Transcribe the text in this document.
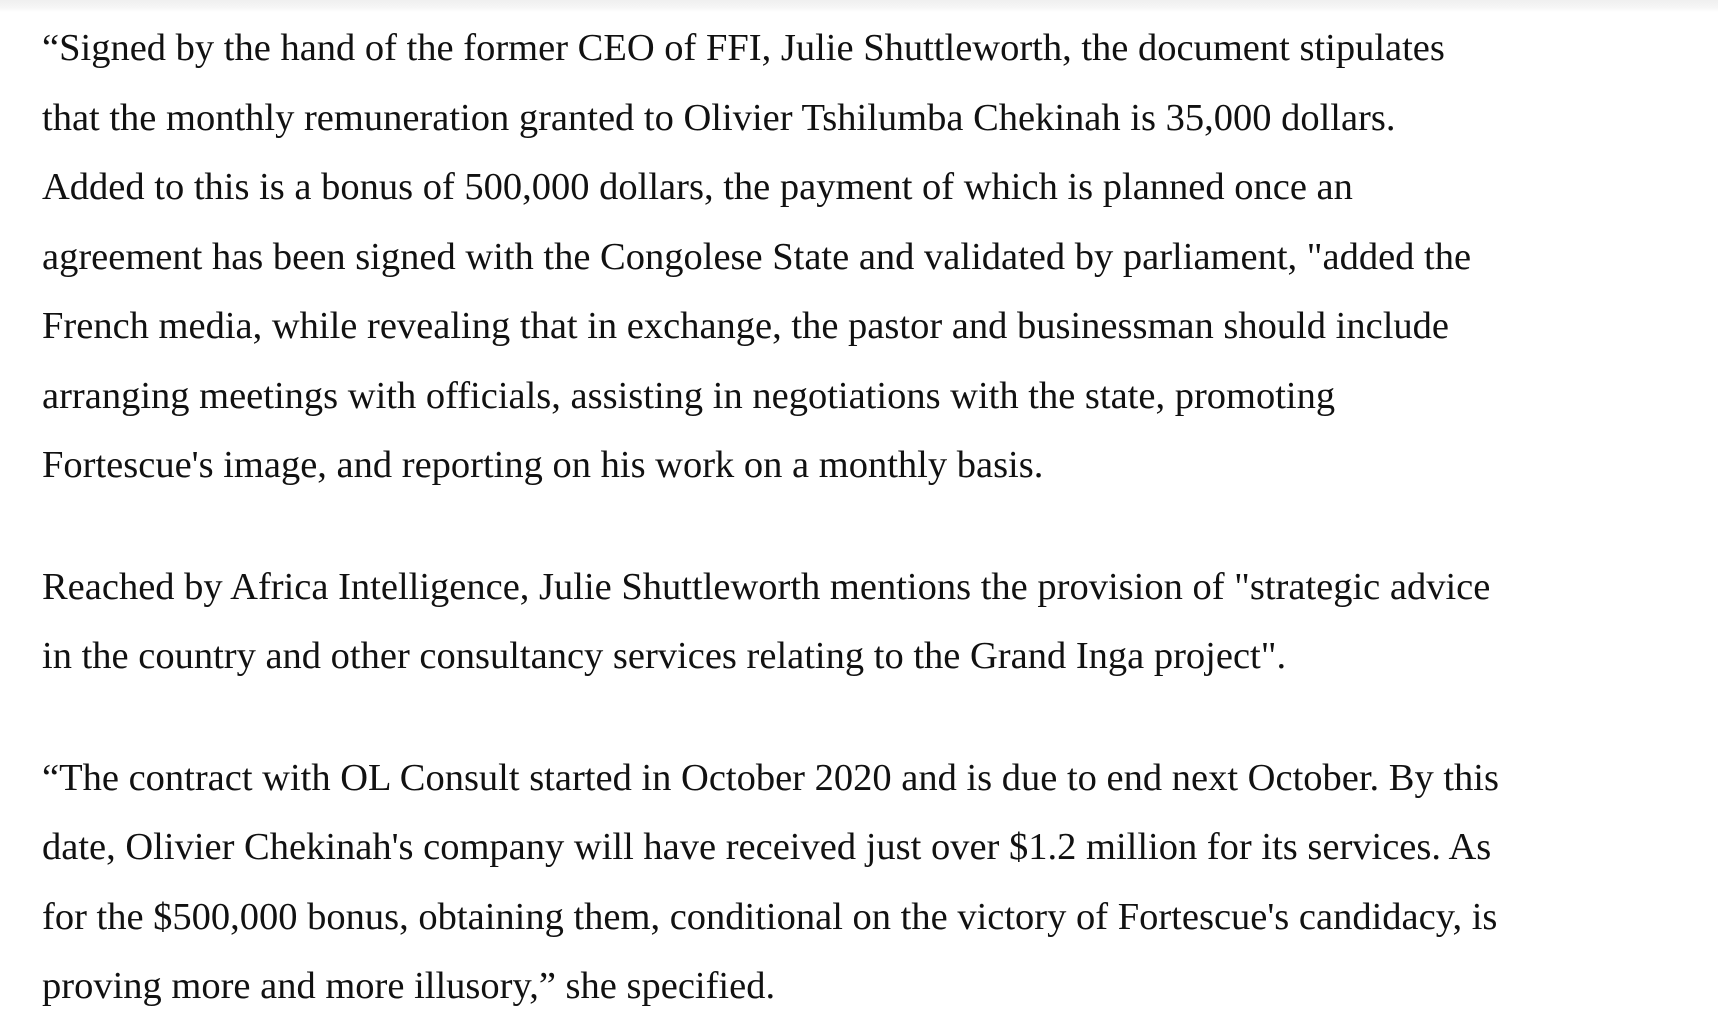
“Signed by the hand of the former CEO of FFI, Julie Shuttleworth, the document stipulates

that the monthly remuneration granted to Olivier Tshilumba Chekinah is 35,000 dollars.

Added to this is a bonus of 500,000 dollars, the payment of which is planned once an

agreement has been signed with the Congolese State and validated by parliament, "added the

French media, while revealing that in exchange, the pastor and businessman should include

arranging meetings with officials, assisting in negotiations with the state, promoting

Fortescue's image, and reporting on his work on a monthly basis.

Reached by Africa Intelligence, Julie Shuttleworth mentions the provision of "strategic advice

in the country and other consultancy services relating to the Grand Inga project".

“The contract with OL Consult started in October 2020 and is due to end next October. By this

date, Olivier Chekinah's company will have received just over $1.2 million for its services. As

for the $500,000 bonus, obtaining them, conditional on the victory of Fortescue's candidacy, is

proving more and more illusory,” she specified.
